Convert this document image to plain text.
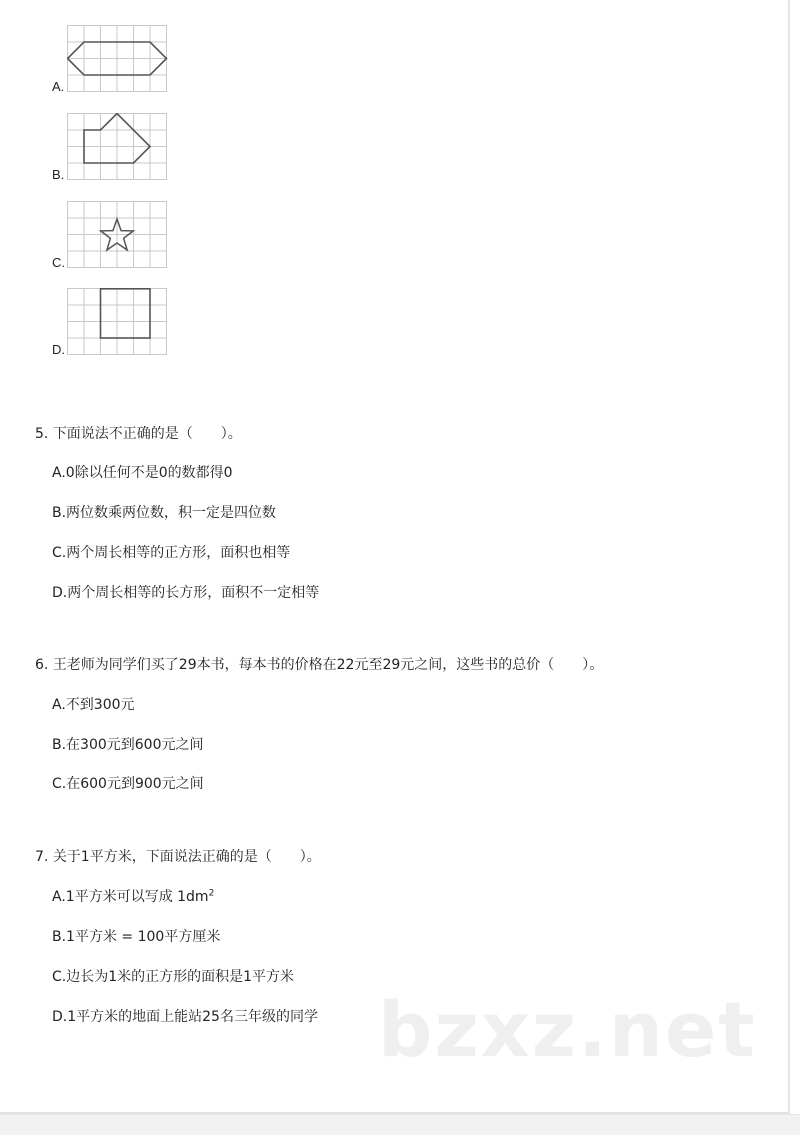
A.
B.
C.
D.
5. 下面说法不正确的是（　　）。
A.0除以任何不是0的数都得0
B.两位数乘两位数，积一定是四位数
C.两个周长相等的正方形，面积也相等
D.两个周长相等的长方形，面积不一定相等
6. 王老师为同学们买了29本书，每本书的价格在22元至29元之间，这些书的总价（　　）。
A.不到300元
B.在300元到600元之间
C.在600元到900元之间
7. 关于1平方米，下面说法正确的是（　　）。
A.1平方米可以写成 $1dm^2$
B.1平方米 = 100平方厘米
C.边长为1米的正方形的面积是1平方米
D.1平方米的地面上能站25名三年级的同学 bzxz.net
